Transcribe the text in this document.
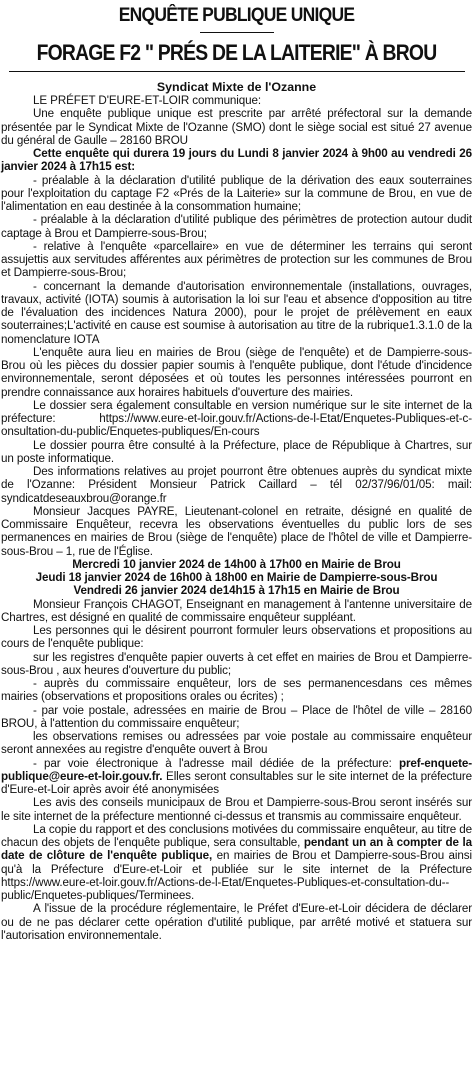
ENQUÊTE PUBLIQUE UNIQUE
FORAGE F2 " PRÉS DE LA LAITERIE" À BROU
Syndicat Mixte de l'Ozanne

LE PRÉFET D'EURE-ET-LOIR communique:

Une enquête publique unique est prescrite par arrêté préfectoral sur la demande présentée par le Syndicat Mixte de l'Ozanne (SMO) dont le siège social est situé 27 avenue du général de Gaulle – 28160 BROU

Cette enquête qui durera 19 jours du Lundi 8 janvier 2024 à 9h00 au vendredi 26 janvier 2024 à 17h15 est:

- préalable à la déclaration d'utilité publique de la dérivation des eaux souterraines pour l'exploitation du captage F2 «Prés de la Laiterie» sur la commune de Brou, en vue de l'alimentation en eau destinée à la consommation humaine;

- préalable à la déclaration d'utilité publique des périmètres de protection autour dudit captage à Brou et Dampierre-sous-Brou;

- relative à l'enquête «parcellaire» en vue de déterminer les terrains qui seront assujettis aux servitudes afférentes aux périmètres de protection sur les communes de Brou et Dampierre-sous-Brou;

- concernant la demande d'autorisation environnementale (installations, ouvrages, travaux, activité (IOTA) soumis à autorisation la loi sur l'eau et absence d'opposition au titre de l'évaluation des incidences Natura 2000), pour le projet de prélèvement en eaux souterraines;L'activité en cause est soumise à autorisation au titre de la rubrique1.3.1.0 de la nomenclature IOTA

L'enquête aura lieu en mairies de Brou (siège de l'enquête) et de Dampierre-sous-Brou où les pièces du dossier papier soumis à l'enquête publique, dont l'étude d'incidence environnementale, seront déposées et où toutes les personnes intéressées pourront en prendre connaissance aux horaires habituels d'ouverture des mairies.

Le dossier sera également consultable en version numérique sur le site internet de la préfecture: https://www.eure-et-loir.gouv.fr/Actions-de-l-Etat/Enquetes-Publiques-et-c-onsultation-du-public/Enquetes-publiques/En-cours

Le dossier pourra être consulté à la Préfecture, place de République à Chartres, sur un poste informatique.

Des informations relatives au projet pourront être obtenues auprès du syndicat mixte de l'Ozanne: Président Monsieur Patrick Caillard – tél 02/37/96/01/05: mail: syndicatdeseauxbrou@orange.fr

Monsieur Jacques PAYRE, Lieutenant-colonel en retraite, désigné en qualité de Commissaire Enquêteur, recevra les observations éventuelles du public lors de ses permanences en mairies de Brou (siège de l'enquête) place de l'hôtel de ville et Dampierre-sous-Brou – 1, rue de l'Église.

Mercredi 10 janvier 2024 de 14h00 à 17h00 en Mairie de Brou

Jeudi 18 janvier 2024 de 16h00 à 18h00 en Mairie de Dampierre-sous-Brou

Vendredi 26 janvier 2024 de14h15 à 17h15 en Mairie de Brou

Monsieur François CHAGOT, Enseignant en management à l'antenne universitaire de Chartres, est désigné en qualité de commissaire enquêteur suppléant.

Les personnes qui le désirent pourront formuler leurs observations et propositions au cours de l'enquête publique:

sur les registres d'enquête papier ouverts à cet effet en mairies de Brou et Dampierre-sous-Brou , aux heures d'ouverture du public;

- auprès du commissaire enquêteur, lors de ses permanencesdans ces mêmes mairies (observations et propositions orales ou écrites) ;

- par voie postale, adressées en mairie de Brou – Place de l'hôtel de ville – 28160 BROU, à l'attention du commissaire enquêteur;

les observations remises ou adressées par voie postale au commissaire enquêteur seront annexées au registre d'enquête ouvert à Brou

- par voie électronique à l'adresse mail dédiée de la préfecture: pref-enquete-publique@eure-et-loir.gouv.fr. Elles seront consultables sur le site internet de la préfecture d'Eure-et-Loir après avoir été anonymisées

Les avis des conseils municipaux de Brou et Dampierre-sous-Brou seront insérés sur le site internet de la préfecture mentionné ci-dessus et transmis au commissaire enquêteur.

La copie du rapport et des conclusions motivées du commissaire enquêteur, au titre de chacun des objets de l'enquête publique, sera consultable, pendant un an à compter de la date de clôture de l'enquête publique, en mairies de Brou et Dampierre-sous-Brou ainsi qu'à la Préfecture d'Eure-et-Loir et publiée sur le site internet de la Préfecture https://www.eure-et-loir.gouv.fr/Actions-de-l-Etat/Enquetes-Publiques-et-consultation-du--public/Enquetes-publiques/Terminees.

A l'issue de la procédure réglementaire, le Préfet d'Eure-et-Loir décidera de déclarer ou de ne pas déclarer cette opération d'utilité publique, par arrêté motivé et statuera sur l'autorisation environnementale.
